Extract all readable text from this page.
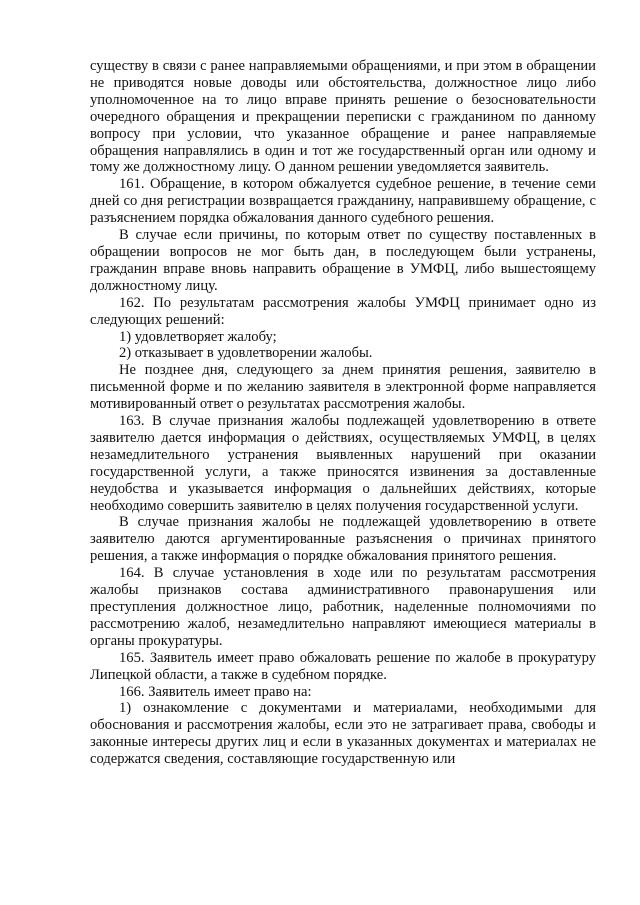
существу в связи с ранее направляемыми обращениями, и при этом в обращении не приводятся новые доводы или обстоятельства, должностное лицо либо уполномоченное на то лицо вправе принять решение о безосновательности очередного обращения и прекращении переписки с гражданином по данному вопросу при условии, что указанное обращение и ранее направляемые обращения направлялись в один и тот же государственный орган или одному и тому же должностному лицу. О данном решении уведомляется заявитель.

161. Обращение, в котором обжалуется судебное решение, в течение семи дней со дня регистрации возвращается гражданину, направившему обращение, с разъяснением порядка обжалования данного судебного решения.

В случае если причины, по которым ответ по существу поставленных в обращении вопросов не мог быть дан, в последующем были устранены, гражданин вправе вновь направить обращение в УМФЦ, либо вышестоящему должностному лицу.

162. По результатам рассмотрения жалобы УМФЦ принимает одно из следующих решений:

1) удовлетворяет жалобу;

2) отказывает в удовлетворении жалобы.

Не позднее дня, следующего за днем принятия решения, заявителю в письменной форме и по желанию заявителя в электронной форме направляется мотивированный ответ о результатах рассмотрения жалобы.

163. В случае признания жалобы подлежащей удовлетворению в ответе заявителю дается информация о действиях, осуществляемых УМФЦ, в целях незамедлительного устранения выявленных нарушений при оказании государственной услуги, а также приносятся извинения за доставленные неудобства и указывается информация о дальнейших действиях, которые необходимо совершить заявителю в целях получения государственной услуги.

В случае признания жалобы не подлежащей удовлетворению в ответе заявителю даются аргументированные разъяснения о причинах принятого решения, а также информация о порядке обжалования принятого решения.

164. В случае установления в ходе или по результатам рассмотрения жалобы признаков состава административного правонарушения или преступления должностное лицо, работник, наделенные полномочиями по рассмотрению жалоб, незамедлительно направляют имеющиеся материалы в органы прокуратуры.

165. Заявитель имеет право обжаловать решение по жалобе в прокуратуру Липецкой области, а также в судебном порядке.

166. Заявитель имеет право на:

1) ознакомление с документами и материалами, необходимыми для обоснования и рассмотрения жалобы, если это не затрагивает права, свободы и законные интересы других лиц и если в указанных документах и материалах не содержатся сведения, составляющие государственную или
